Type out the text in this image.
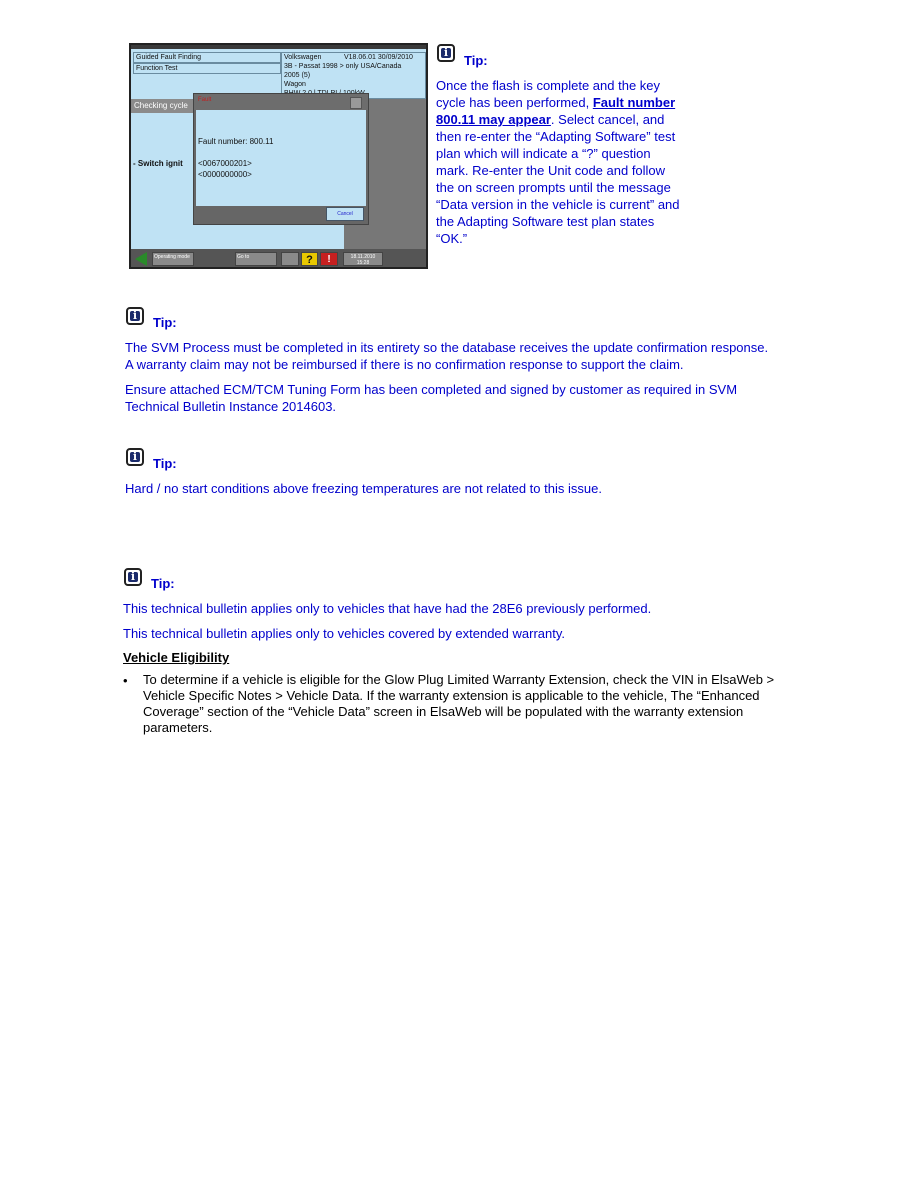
Guided Fault Finding
Function Test
Volkswagen	V18.06.01 30/09/2010
3B - Passat 1998 > only USA/Canada
2005 (5)
Wagon
Checking cycle
- Switch ignit
Fault
Fault number: 800.11
<0067000201>
<0000000000>
Cancel
Operating mode	Go to	?	!	18.11.2010
15:28
i
Tip:
Once the flash is complete and the key
cycle has been performed, Fault number
800.11 may appear. Select cancel, and
then re-enter the “Adapting Software” test
plan which will indicate a “?” question
mark. Re-enter the Unit code and follow
the on screen prompts until the message
“Data version in the vehicle is current” and
the Adapting Software test plan states
“OK.”
i
Tip:
The SVM Process must be completed in its entirety so the database receives the update confirmation response.
A warranty claim may not be reimbursed if there is no confirmation response to support the claim.
Ensure attached ECM/TCM Tuning Form has been completed and signed by customer as required in SVM
Technical Bulletin Instance 2014603.
i
Tip:
Hard / no start conditions above freezing temperatures are not related to this issue.
i
Tip:
This technical bulletin applies only to vehicles that have had the 28E6 previously performed.
This technical bulletin applies only to vehicles covered by extended warranty.
Vehicle Eligibility
• To determine if a vehicle is eligible for the Glow Plug Limited Warranty Extension, check the VIN in ElsaWeb >
Vehicle Specific Notes > Vehicle Data. If the warranty extension is applicable to the vehicle, The “Enhanced
Coverage” section of the “Vehicle Data” screen in ElsaWeb will be populated with the warranty extension
parameters.
